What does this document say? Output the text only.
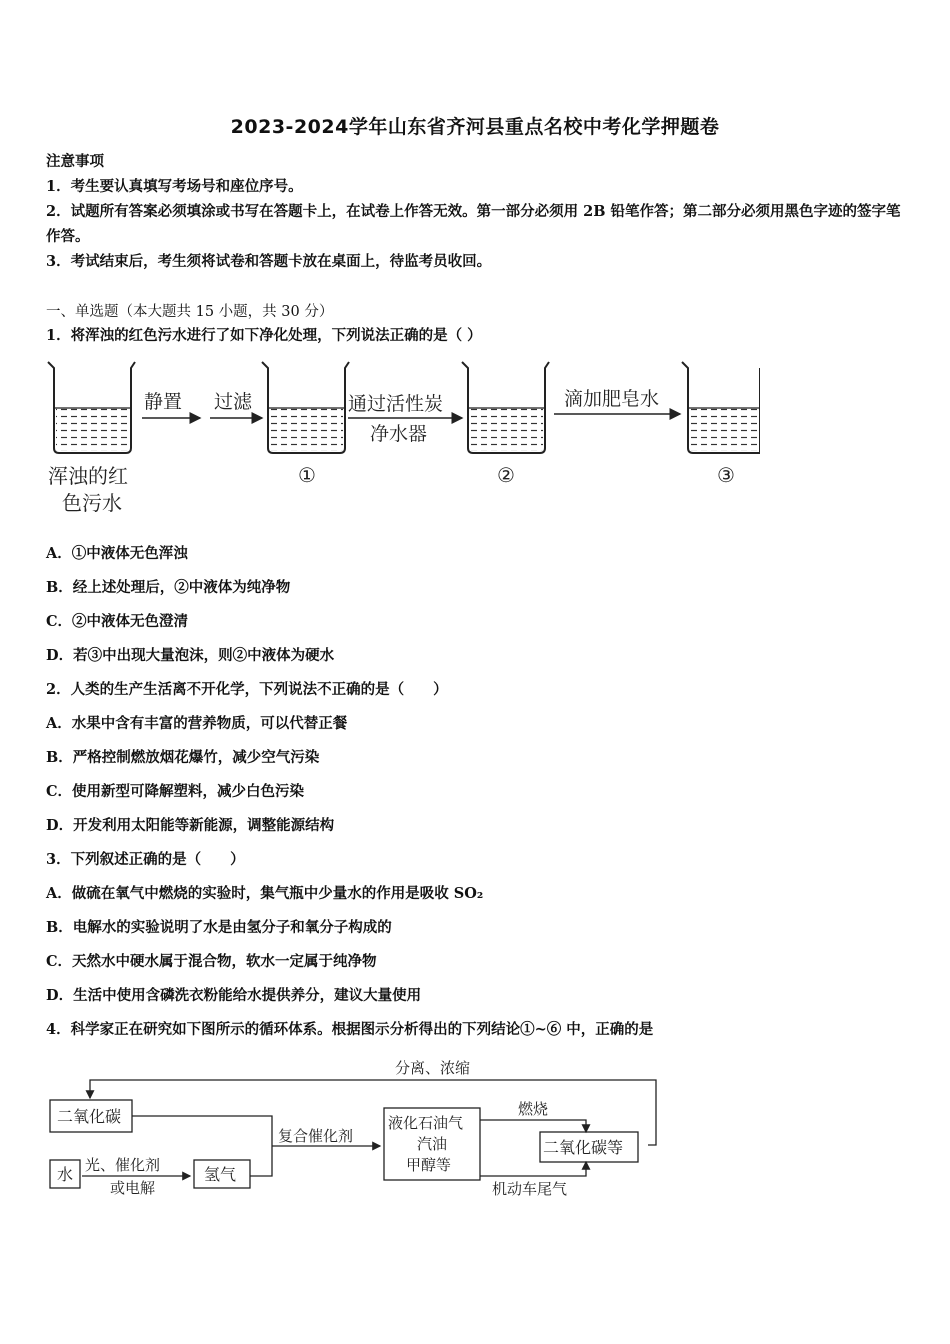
2023-2024学年山东省齐河县重点名校中考化学押题卷
注意事项
1．考生要认真填写考场号和座位序号。
2．试题所有答案必须填涂或书写在答题卡上，在试卷上作答无效。第一部分必须用 2B 铅笔作答；第二部分必须用黑色字迹的签字笔作答。
3．考试结束后，考生须将试卷和答题卡放在桌面上，待监考员收回。
一、单选题（本大题共 15 小题，共 30 分）
1．将浑浊的红色污水进行了如下净化处理，下列说法正确的是（ ）
浑浊的红
色污水
静置 过滤
①
通过活性炭
净水器
②
滴加肥皂水
③
A．①中液体无色浑浊
B．经上述处理后，②中液体为纯净物
C．②中液体无色澄清
D．若③中出现大量泡沫，则②中液体为硬水
2．人类的生产生活离不开化学，下列说法不正确的是（　　）
A．水果中含有丰富的营养物质，可以代替正餐
B．严格控制燃放烟花爆竹，减少空气污染
C．使用新型可降解塑料，减少白色污染
D．开发利用太阳能等新能源，调整能源结构
3．下列叙述正确的是（　　）
A．做硫在氧气中燃烧的实验时，集气瓶中少量水的作用是吸收 SO₂
B．电解水的实验说明了水是由氢分子和氧分子构成的
C．天然水中硬水属于混合物，软水一定属于纯净物
D．生活中使用含磷洗衣粉能给水提供养分，建议大量使用
4．科学家正在研究如下图所示的循环体系。根据图示分析得出的下列结论①~⑥ 中，正确的是
分离、浓缩
二氧化碳
水 光、催化剂
或电解
氢气
复合催化剂
液化石油气
汽油
甲醇等
燃烧
机动车尾气
二氧化碳等
